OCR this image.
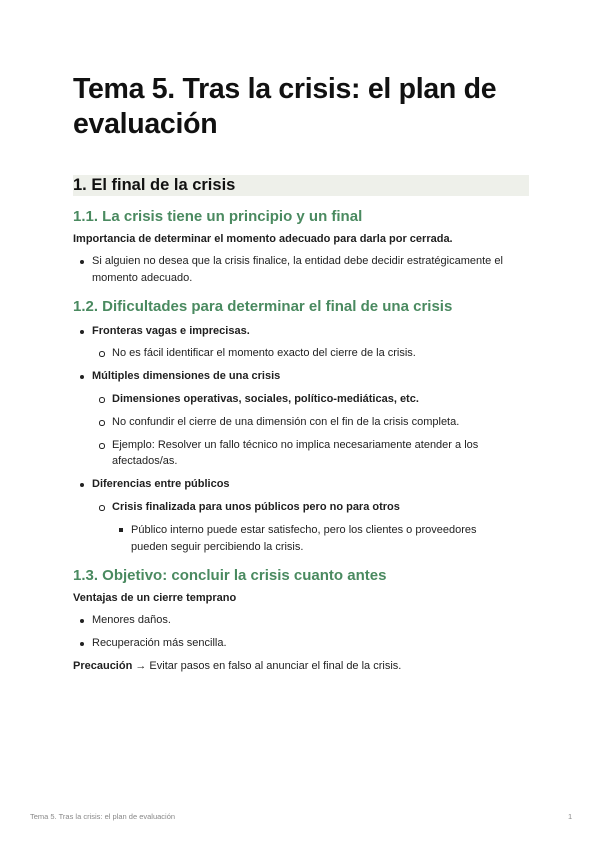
Tema 5. Tras la crisis: el plan de evaluación
1. El final de la crisis
1.1. La crisis tiene un principio y un final
Importancia de determinar el momento adecuado para darla por cerrada.
Si alguien no desea que la crisis finalice, la entidad debe decidir estratégicamente el
momento adecuado.
1.2. Dificultades para determinar el final de una crisis
Fronteras vagas e imprecisas.
No es fácil identificar el momento exacto del cierre de la crisis.
Múltiples dimensiones de una crisis
Dimensiones operativas, sociales, político-mediáticas, etc.
No confundir el cierre de una dimensión con el fin de la crisis completa.
Ejemplo: Resolver un fallo técnico no implica necesariamente atender a los
afectados/as.
Diferencias entre públicos
Crisis finalizada para unos públicos pero no para otros
Público interno puede estar satisfecho, pero los clientes o proveedores
pueden seguir percibiendo la crisis.
1.3. Objetivo: concluir la crisis cuanto antes
Ventajas de un cierre temprano
Menores daños.
Recuperación más sencilla.
Precaución → Evitar pasos en falso al anunciar el final de la crisis.
Tema 5. Tras la crisis: el plan de evaluación	1
